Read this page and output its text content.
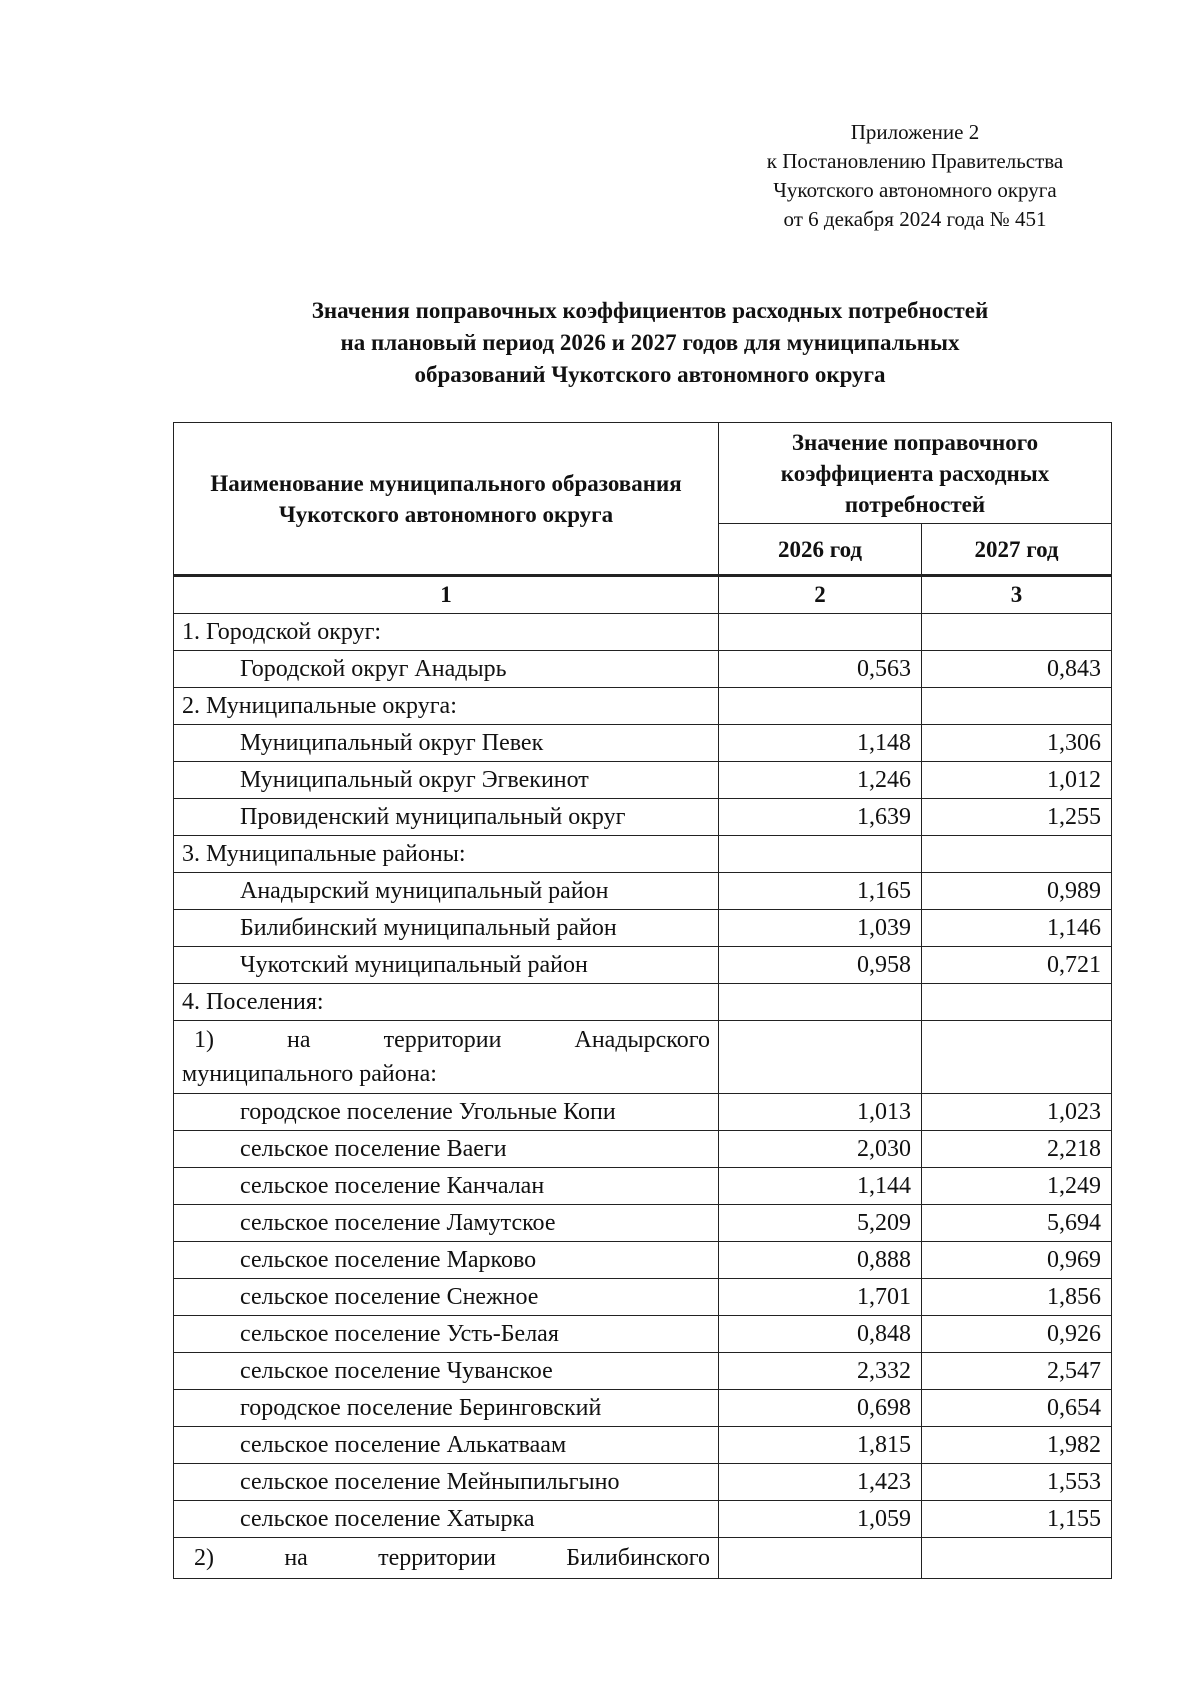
Приложение 2
к Постановлению Правительства
Чукотского автономного округа
от 6 декабря 2024 года № 451
Значения поправочных коэффициентов расходных потребностей
на плановый период 2026 и 2027 годов для муниципальных
образований Чукотского автономного округа
Наименование муниципального образования Чукотского автономного округа	Значение поправочного коэффициента расходных потребностей	
	2026 год	2027 год
1	2	3
1. Городской округ:		
Городской округ Анадырь	0,563	0,843
2. Муниципальные округа:		
Муниципальный округ Певек	1,148	1,306
Муниципальный округ Эгвекинот	1,246	1,012
Провиденский муниципальный округ	1,639	1,255
3. Муниципальные районы:		
Анадырский муниципальный район	1,165	0,989
Билибинский муниципальный район	1,039	1,146
Чукотский муниципальный район	0,958	0,721
4. Поселения:		

1) на территории Анадырского
муниципального района:		

городское поселение Угольные Копи	1,013	1,023
сельское поселение Ваеги	2,030	2,218
сельское поселение Канчалан	1,144	1,249
сельское поселение Ламутское	5,209	5,694
сельское поселение Марково	0,888	0,969
сельское поселение Снежное	1,701	1,856
сельское поселение Усть-Белая	0,848	0,926
сельское поселение Чуванское	2,332	2,547
городское поселение Беринговский	0,698	0,654
сельское поселение Алькатваам	1,815	1,982
сельское поселение Мейныпильгыно	1,423	1,553
сельское поселение Хатырка	1,059	1,155

2) на территории Билибинского		
